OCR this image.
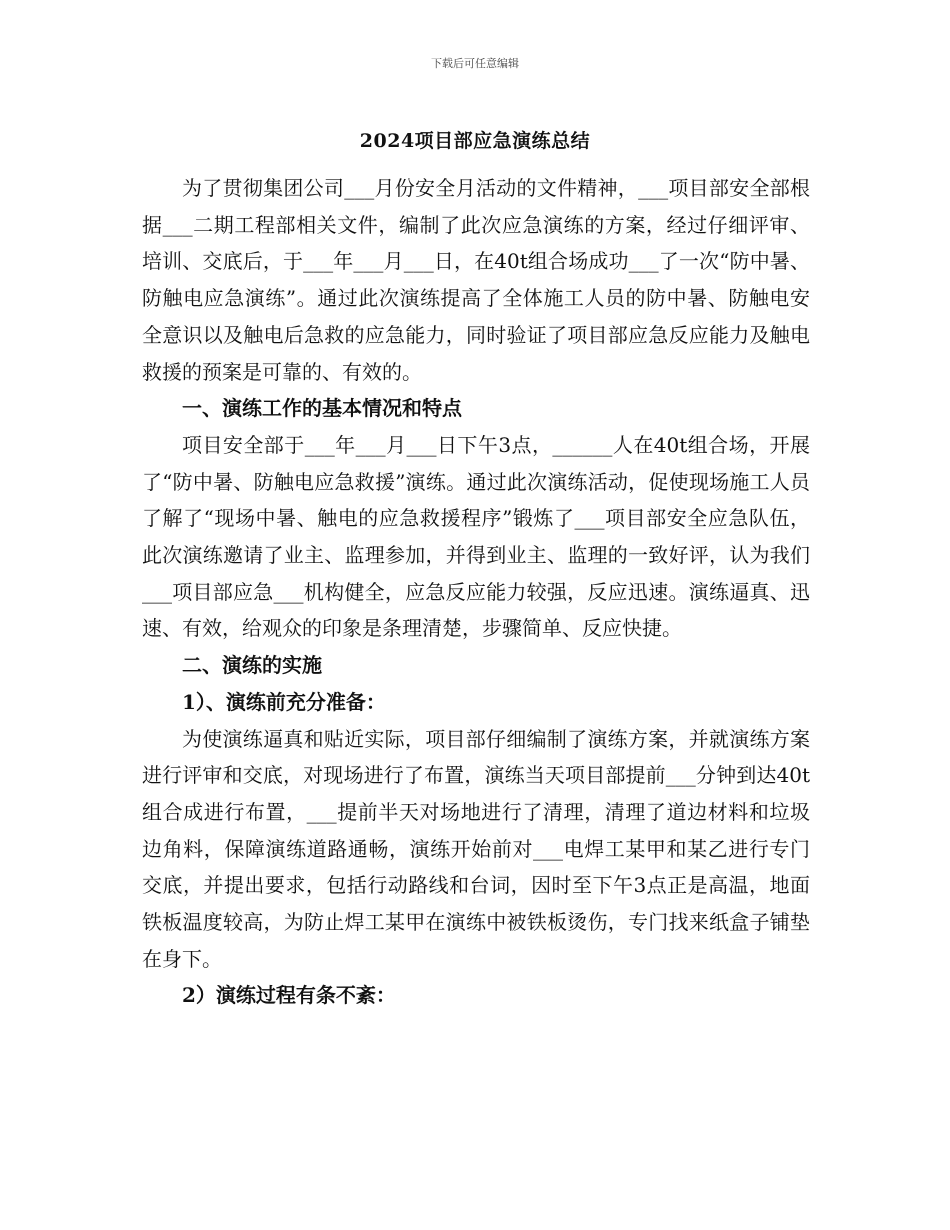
下载后可任意编辑
2024项目部应急演练总结

为了贯彻集团公司___月份安全月活动的文件精神，___项目部安全部根据___二期工程部相关文件，编制了此次应急演练的方案，经过仔细评审、培训、交底后，于___年___月___日，在40t组合场成功___了一次“防中暑、防触电应急演练”。通过此次演练提高了全体施工人员的防中暑、防触电安全意识以及触电后急救的应急能力，同时验证了项目部应急反应能力及触电救援的预案是可靠的、有效的。

一、演练工作的基本情况和特点

项目安全部于___年___月___日下午3点，______人在40t组合场，开展了“防中暑、防触电应急救援”演练。通过此次演练活动，促使现场施工人员了解了“现场中暑、触电的应急救援程序”锻炼了___项目部安全应急队伍，此次演练邀请了业主、监理参加，并得到业主、监理的一致好评，认为我们___项目部应急___机构健全，应急反应能力较强，反应迅速。演练逼真、迅速、有效，给观众的印象是条理清楚，步骤简单、反应快捷。

二、演练的实施

1）、演练前充分准备：

为使演练逼真和贴近实际，项目部仔细编制了演练方案，并就演练方案进行评审和交底，对现场进行了布置，演练当天项目部提前___分钟到达40t组合成进行布置，___提前半天对场地进行了清理，清理了道边材料和垃圾边角料，保障演练道路通畅，演练开始前对___电焊工某甲和某乙进行专门交底，并提出要求，包括行动路线和台词，因时至下午3点正是高温，地面铁板温度较高，为防止焊工某甲在演练中被铁板烫伤，专门找来纸盒子铺垫在身下。

2）演练过程有条不紊：
